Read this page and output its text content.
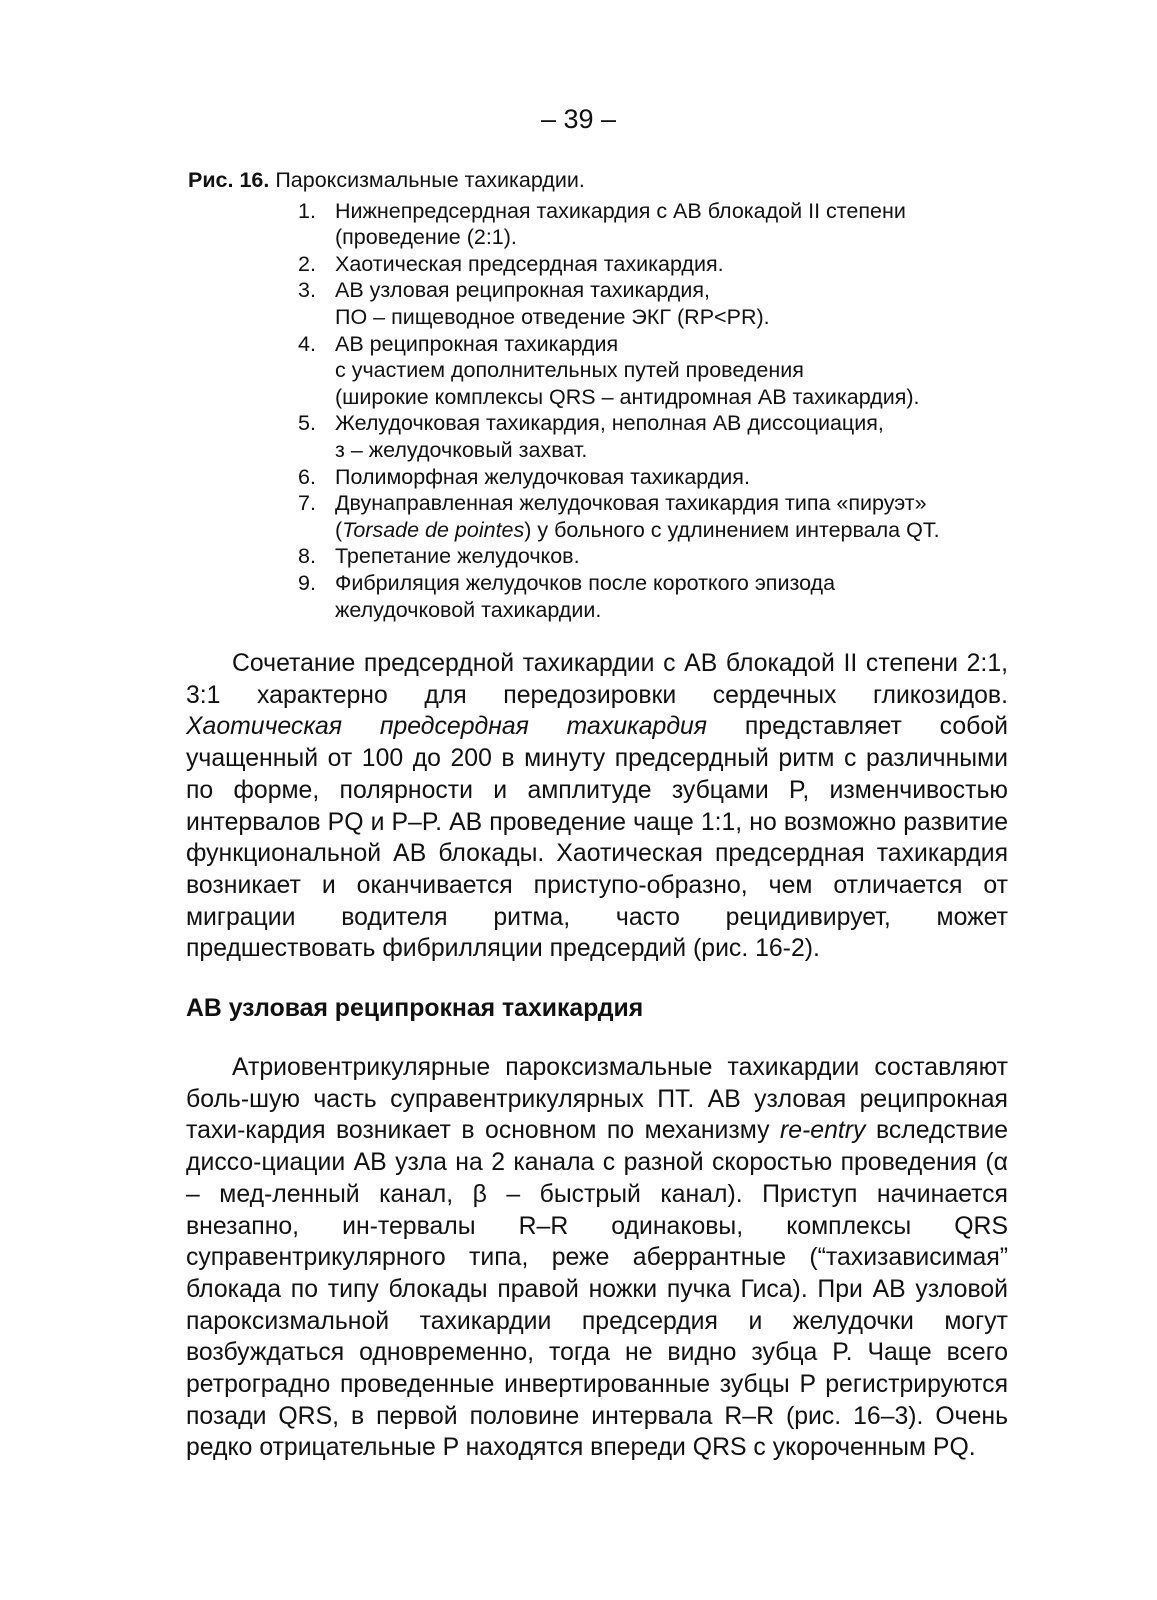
– 39 –
Рис. 16. Пароксизмальные тахикардии.
1. Нижнепредсердная тахикардия с АВ блокадой II степени
(проведение (2:1).
2. Хаотическая предсердная тахикардия.
3. АВ узловая реципрокная тахикардия,
ПО – пищеводное отведение ЭКГ (RP<PR).
4. АВ реципрокная тахикардия
с участием дополнительных путей проведения
(широкие комплексы QRS – антидромная АВ тахикардия).
5. Желудочковая тахикардия, неполная АВ диссоциация,
з – желудочковый захват.
6. Полиморфная желудочковая тахикардия.
7. Двунаправленная желудочковая тахикардия типа «пируэт»
(Torsade de pointes) у больного с удлинением интервала QT.
8. Трепетание желудочков.
9. Фибриляция желудочков после короткого эпизода
желудочковой тахикардии.

Сочетание предсердной тахикардии с АВ блокадой II степени 2:1, 3:1 характерно для передозировки сердечных гликозидов. Хаотическая предсердная тахикардия представляет собой учащенный от 100 до 200 в минуту предсердный ритм с различными по форме, полярности и амплитуде зубцами P, изменчивостью интервалов PQ и P–P. АВ проведение чаще 1:1, но возможно развитие функциональной АВ блокады. Хаотическая предсердная тахикардия возникает и оканчивается приступо-образно, чем отличается от миграции водителя ритма, часто рецидивирует, может предшествовать фибрилляции предсердий (рис. 16-2).

АВ узловая реципрокная тахикардия

Атриовентрикулярные пароксизмальные тахикардии составляют боль-шую часть суправентрикулярных ПТ. АВ узловая реципрокная тахи-кардия возникает в основном по механизму re-entry вследствие диссо-циации АВ узла на 2 канала с разной скоростью проведения (α – мед-ленный канал, β – быстрый канал). Приступ начинается внезапно, ин-тервалы R–R одинаковы, комплексы QRS суправентрикулярного типа, реже аберрантные (“тахизависимая” блокада по типу блокады правой ножки пучка Гиса). При АВ узловой пароксизмальной тахикардии предсердия и желудочки могут возбуждаться одновременно, тогда не видно зубца P. Чаще всего ретроградно проведенные инвертированные зубцы P регистрируются позади QRS, в первой половине интервала R–R (рис. 16–3). Очень редко отрицательные P находятся впереди QRS с укороченным PQ.
